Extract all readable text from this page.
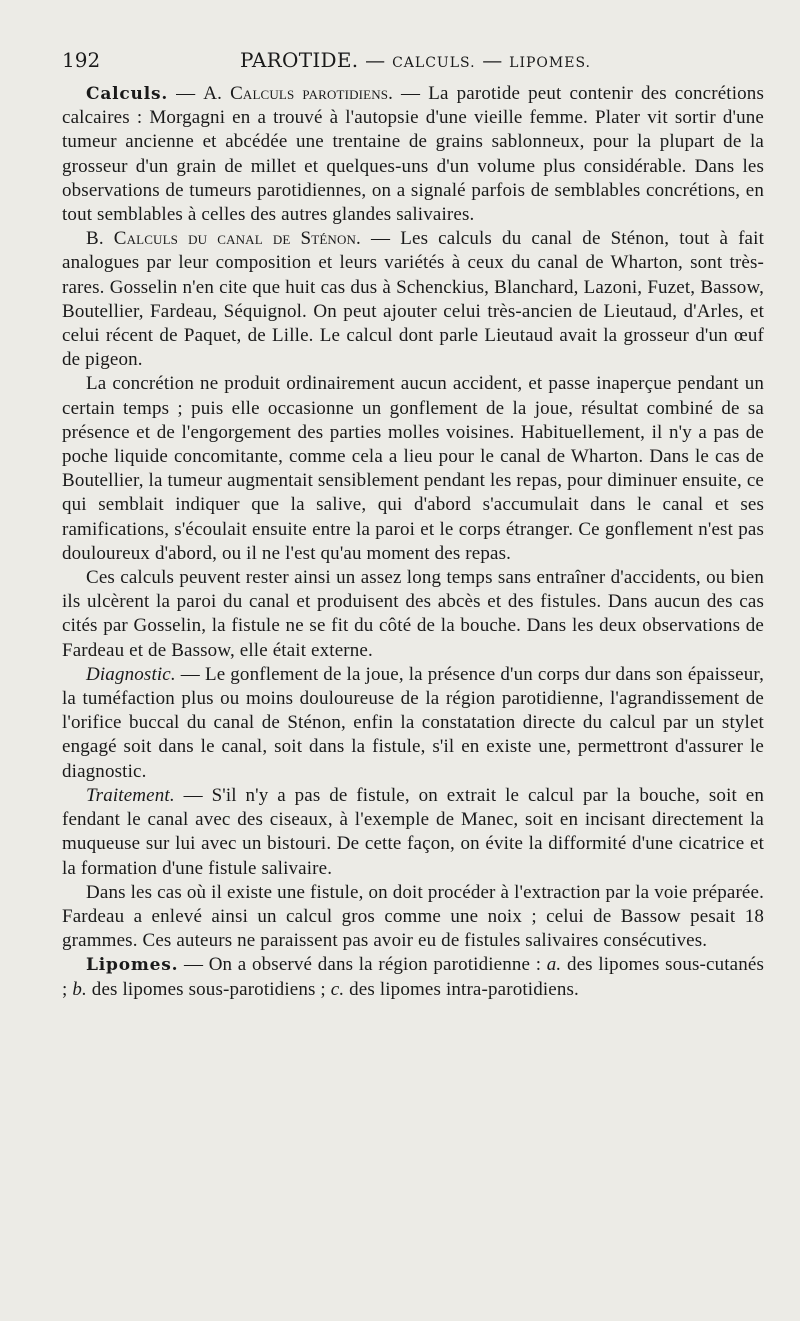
192	PAROTIDE. — CALCULS. — LIPOMES.

Calculs. — A. Calculs parotidiens. — La parotide peut contenir des concrétions calcaires : Morgagni en a trouvé à l'autopsie d'une vieille femme. Plater vit sortir d'une tumeur ancienne et abcédée une trentaine de grains sablonneux, pour la plupart de la grosseur d'un grain de millet et quelques-uns d'un volume plus considérable. Dans les observations de tumeurs parotidiennes, on a signalé parfois de semblables concrétions, en tout semblables à celles des autres glandes salivaires.

B. Calculs du canal de Sténon. — Les calculs du canal de Sténon, tout à fait analogues par leur composition et leurs variétés à ceux du canal de Wharton, sont très-rares. Gosselin n'en cite que huit cas dus à Schenckius, Blanchard, Lazoni, Fuzet, Bassow, Boutellier, Fardeau, Séquignol. On peut ajouter celui très-ancien de Lieutaud, d'Arles, et celui récent de Paquet, de Lille. Le calcul dont parle Lieutaud avait la grosseur d'un œuf de pigeon.

La concrétion ne produit ordinairement aucun accident, et passe inaperçue pendant un certain temps ; puis elle occasionne un gonflement de la joue, résultat combiné de sa présence et de l'engorgement des parties molles voisines. Habituellement, il n'y a pas de poche liquide concomitante, comme cela a lieu pour le canal de Wharton. Dans le cas de Boutellier, la tumeur augmentait sensiblement pendant les repas, pour diminuer ensuite, ce qui semblait indiquer que la salive, qui d'abord s'accumulait dans le canal et ses ramifications, s'écoulait ensuite entre la paroi et le corps étranger. Ce gonflement n'est pas douloureux d'abord, ou il ne l'est qu'au moment des repas.

Ces calculs peuvent rester ainsi un assez long temps sans entraîner d'accidents, ou bien ils ulcèrent la paroi du canal et produisent des abcès et des fistules. Dans aucun des cas cités par Gosselin, la fistule ne se fit du côté de la bouche. Dans les deux observations de Fardeau et de Bassow, elle était externe.

Diagnostic. — Le gonflement de la joue, la présence d'un corps dur dans son épaisseur, la tuméfaction plus ou moins douloureuse de la région parotidienne, l'agrandissement de l'orifice buccal du canal de Sténon, enfin la constatation directe du calcul par un stylet engagé soit dans le canal, soit dans la fistule, s'il en existe une, permettront d'assurer le diagnostic.

Traitement. — S'il n'y a pas de fistule, on extrait le calcul par la bouche, soit en fendant le canal avec des ciseaux, à l'exemple de Manec, soit en incisant directement la muqueuse sur lui avec un bistouri. De cette façon, on évite la difformité d'une cicatrice et la formation d'une fistule salivaire.

Dans les cas où il existe une fistule, on doit procéder à l'extraction par la voie préparée. Fardeau a enlevé ainsi un calcul gros comme une noix ; celui de Bassow pesait 18 grammes. Ces auteurs ne paraissent pas avoir eu de fistules salivaires consécutives.

Lipomes. — On a observé dans la région parotidienne : a. des lipomes sous-cutanés ; b. des lipomes sous-parotidiens ; c. des lipomes intra-parotidiens.
